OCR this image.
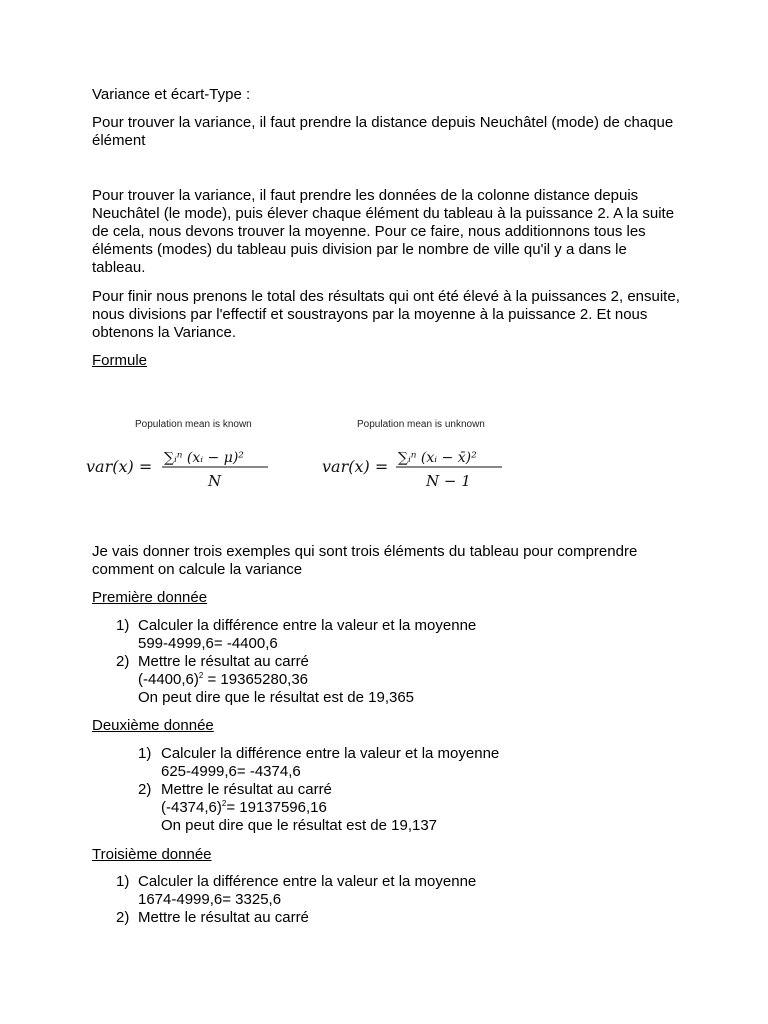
Variance et écart-Type :

Pour trouver la variance, il faut prendre la distance depuis Neuchâtel (mode) de chaque élément

Pour trouver la variance, il faut prendre les données de la colonne distance depuis Neuchâtel (le mode), puis élever chaque élément du tableau à la puissance 2. A la suite de cela, nous devons trouver la moyenne. Pour ce faire, nous additionnons tous les éléments (modes) du tableau puis division par le nombre de ville qu'il y a dans le tableau.

Pour finir nous prenons le total des résultats qui ont été élevé à la puissances 2, ensuite, nous divisions par l'effectif et soustrayons par la moyenne à la puissance 2. Et nous obtenons la Variance.

Formule

Population mean is known
var(x) = ∑ᵢⁿ (xᵢ − μ)²
N
Population mean is unknown
var(x) = ∑ᵢⁿ (xᵢ − x̄)²
N − 1

Je vais donner trois exemples qui sont trois éléments du tableau pour comprendre comment on calcule la variance

Première donnée

1) Calculer la différence entre la valeur et la moyenne
599-4999,6= -4400,6
2) Mettre le résultat au carré
$(-4400,6)^2 = 19365280,36$
On peut dire que le résultat est de 19,365

Deuxième donnée

1) Calculer la différence entre la valeur et la moyenne
625-4999,6= -4374,6
2) Mettre le résultat au carré
$(-4374,6)^2= 19137596,16$
On peut dire que le résultat est de 19,137

Troisième donnée

1) Calculer la différence entre la valeur et la moyenne
1674-4999,6= 3325,6
2) Mettre le résultat au carré
